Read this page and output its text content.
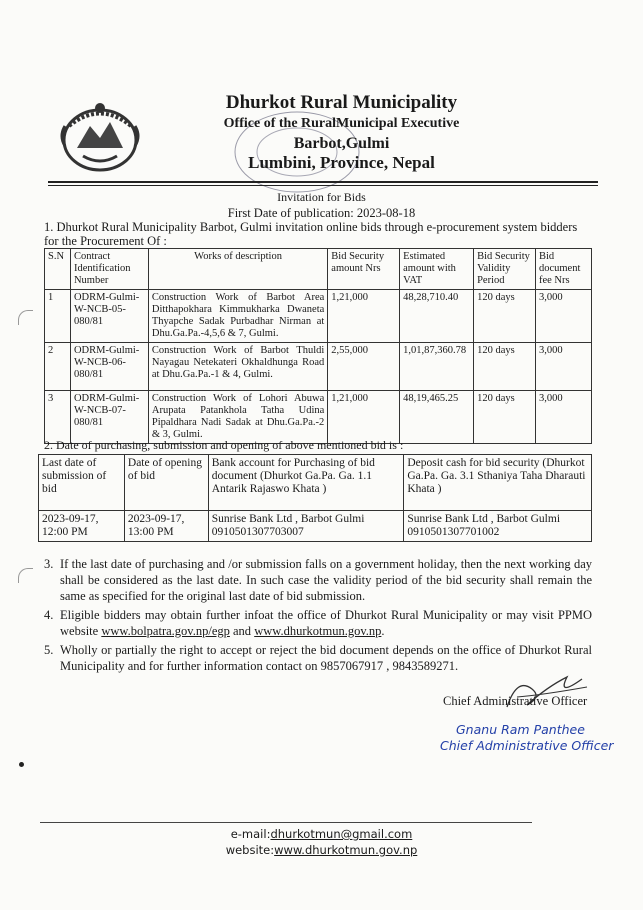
Dhurkot Rural Municipality
Office of the RuralMunicipal Executive
Barbot,Gulmi
Lumbini, Province, Nepal
Invitation for Bids
First Date of publication: 2023-08-18
1. Dhurkot Rural Municipality Barbot, Gulmi invitation online bids through e-procurement system bidders for the Procurement Of :
S.N	Contract Identification Number	Works of description	Bid Security amount Nrs	Estimated amount with VAT	Bid Security Validity Period	Bid document fee Nrs
1	ODRM-Gulmi-W-NCB-05-080/81	Construction Work of Barbot Area Ditthapokhara Kimmukharka Dwaneta Thyapche Sadak Purbadhar Nirman at Dhu.Ga.Pa.-4,5,6 & 7, Gulmi.	1,21,000	48,28,710.40	120 days	3,000
2	ODRM-Gulmi-W-NCB-06-080/81	Construction Work of Barbot Thuldi Nayagau Netekateri Okhaldhunga Road at Dhu.Ga.Pa.-1 & 4, Gulmi.	2,55,000	1,01,87,360.78	120 days	3,000
3	ODRM-Gulmi-W-NCB-07-080/81	Construction Work of Lohori Abuwa Arupata Patankhola Tatha Udina Pipaldhara Nadi Sadak at Dhu.Ga.Pa.-2 & 3, Gulmi.	1,21,000	48,19,465.25	120 days	3,000
2. Date of purchasing, submission and opening of above mentioned bid is :
Last date of submission of bid	Date of opening of bid	Bank account for Purchasing of bid document (Dhurkot Ga.Pa. Ga. 1.1 Antarik Rajaswo Khata )	Deposit cash for bid security (Dhurkot Ga.Pa. Ga. 3.1 Sthaniya Taha Dharauti Khata )
2023-09-17, 12:00 PM	2023-09-17, 13:00 PM	Sunrise Bank Ltd , Barbot Gulmi 0910501307703007	Sunrise Bank Ltd , Barbot Gulmi 0910501307701002
3. If the last date of purchasing and /or submission falls on a government holiday, then the next working day shall be considered as the last date. In such case the validity period of the bid security shall remain the same as specified for the original last date of bid submission.
4. Eligible bidders may obtain further infoat the office of Dhurkot Rural Municipality or may visit PPMO website www.bolpatra.gov.np/egp and www.dhurkotmun.gov.np.
5. Wholly or partially the right to accept or reject the bid document depends on the office of Dhurkot Rural Municipality and for further information contact on 9857067917 , 9843589271.
Chief Administrative Officer
Gnanu Ram Panthee
Chief Administrative Officer
e-mail:dhurkotmun@gmail.com
website:www.dhurkotmun.gov.np
